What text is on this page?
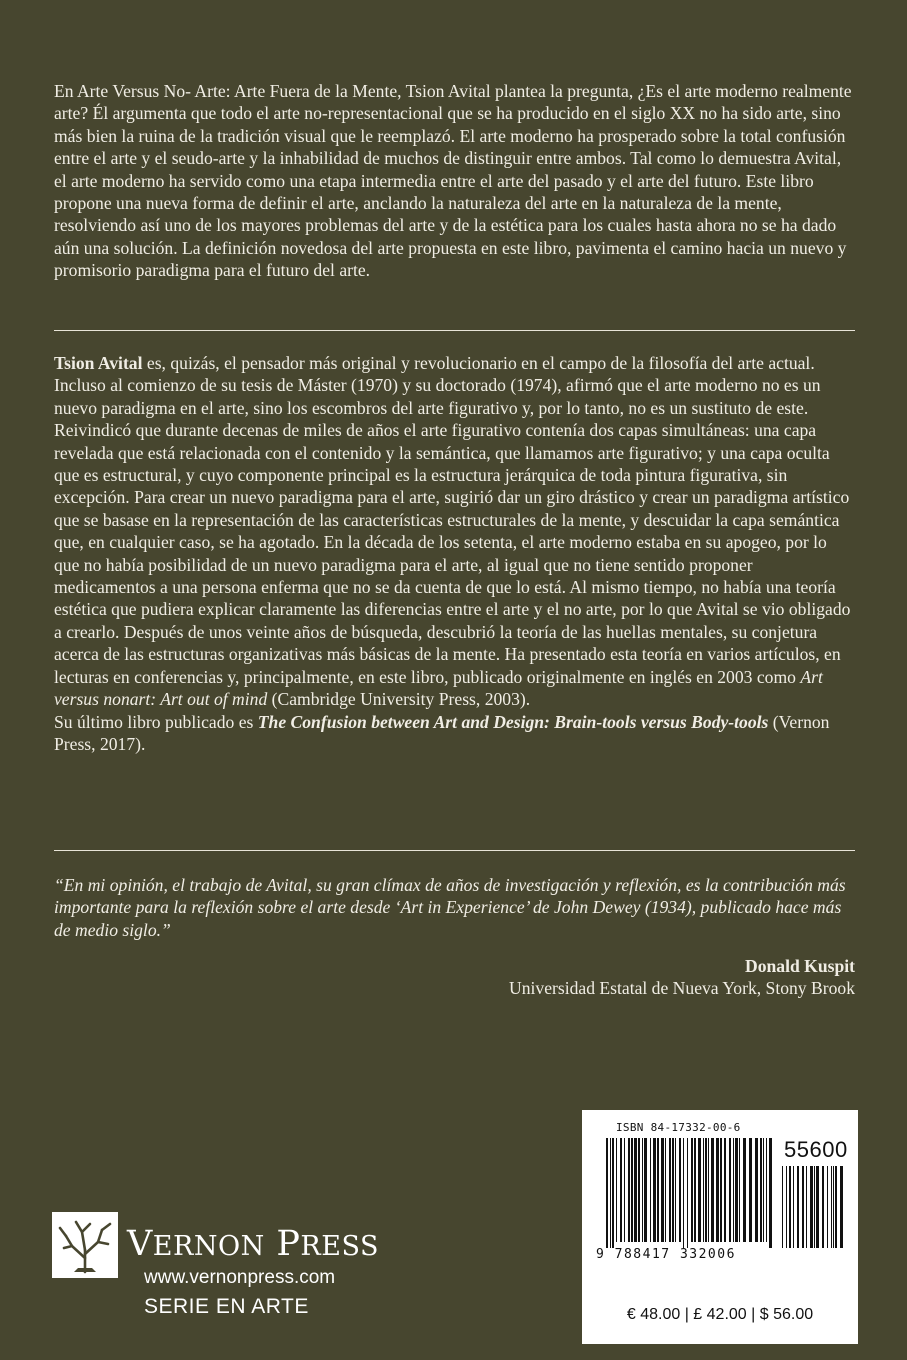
En Arte Versus No- Arte: Arte Fuera de la Mente, Tsion Avital plantea la pregunta, ¿Es el arte moderno realmente arte? Él argumenta que todo el arte no-representacional que se ha producido en el siglo XX no ha sido arte, sino más bien la ruina de la tradición visual que le reemplazó. El arte moderno ha prosperado sobre la total confusión entre el arte y el seudo-arte y la inhabilidad de muchos de distinguir entre ambos. Tal como lo demuestra Avital, el arte moderno ha servido como una etapa intermedia entre el arte del pasado y el arte del futuro. Este libro propone una nueva forma de definir el arte, anclando la naturaleza del arte en la naturaleza de la mente, resolviendo así uno de los mayores problemas del arte y de la estética para los cuales hasta ahora no se ha dado aún una solución. La definición novedosa del arte propuesta en este libro, pavimenta el camino hacia un nuevo y promisorio paradigma para el futuro del arte.

Tsion Avital es, quizás, el pensador más original y revolucionario en el campo de la filosofía del arte actual. Incluso al comienzo de su tesis de Máster (1970) y su doctorado (1974), afirmó que el arte moderno no es un nuevo paradigma en el arte, sino los escombros del arte figurativo y, por lo tanto, no es un sustituto de este. Reivindicó que durante decenas de miles de años el arte figurativo contenía dos capas simultáneas: una capa revelada que está relacionada con el contenido y la semántica, que llamamos arte figurativo; y una capa oculta que es estructural, y cuyo componente principal es la estructura jerárquica de toda pintura figurativa, sin excepción. Para crear un nuevo paradigma para el arte, sugirió dar un giro drástico y crear un paradigma artístico que se basase en la representación de las características estructurales de la mente, y descuidar la capa semántica que, en cualquier caso, se ha agotado. En la década de los setenta, el arte moderno estaba en su apogeo, por lo que no había posibilidad de un nuevo paradigma para el arte, al igual que no tiene sentido proponer medicamentos a una persona enferma que no se da cuenta de que lo está. Al mismo tiempo, no había una teoría estética que pudiera explicar claramente las diferencias entre el arte y el no arte, por lo que Avital se vio obligado a crearlo. Después de unos veinte años de búsqueda, descubrió la teoría de las huellas mentales, su conjetura acerca de las estructuras organizativas más básicas de la mente. Ha presentado esta teoría en varios artículos, en lecturas en conferencias y, principalmente, en este libro, publicado originalmente en inglés en 2003 como Art versus nonart: Art out of mind (Cambridge University Press, 2003).
Su último libro publicado es The Confusion between Art and Design: Brain-tools versus Body-tools (Vernon Press, 2017).

“En mi opinión, el trabajo de Avital, su gran clímax de años de investigación y reflexión, es la contribución más importante para la reflexión sobre el arte desde ‘Art in Experience’ de John Dewey (1934), publicado hace más de medio siglo.”

Donald Kuspit
Universidad Estatal de Nueva York, Stony Brook
VERNON PRESS
www.vernonpress.com
SERIE EN ARTE
ISBN 84-17332-00-6
9 788417 332006
55600
€ 48.00 | £ 42.00 | $ 56.00
